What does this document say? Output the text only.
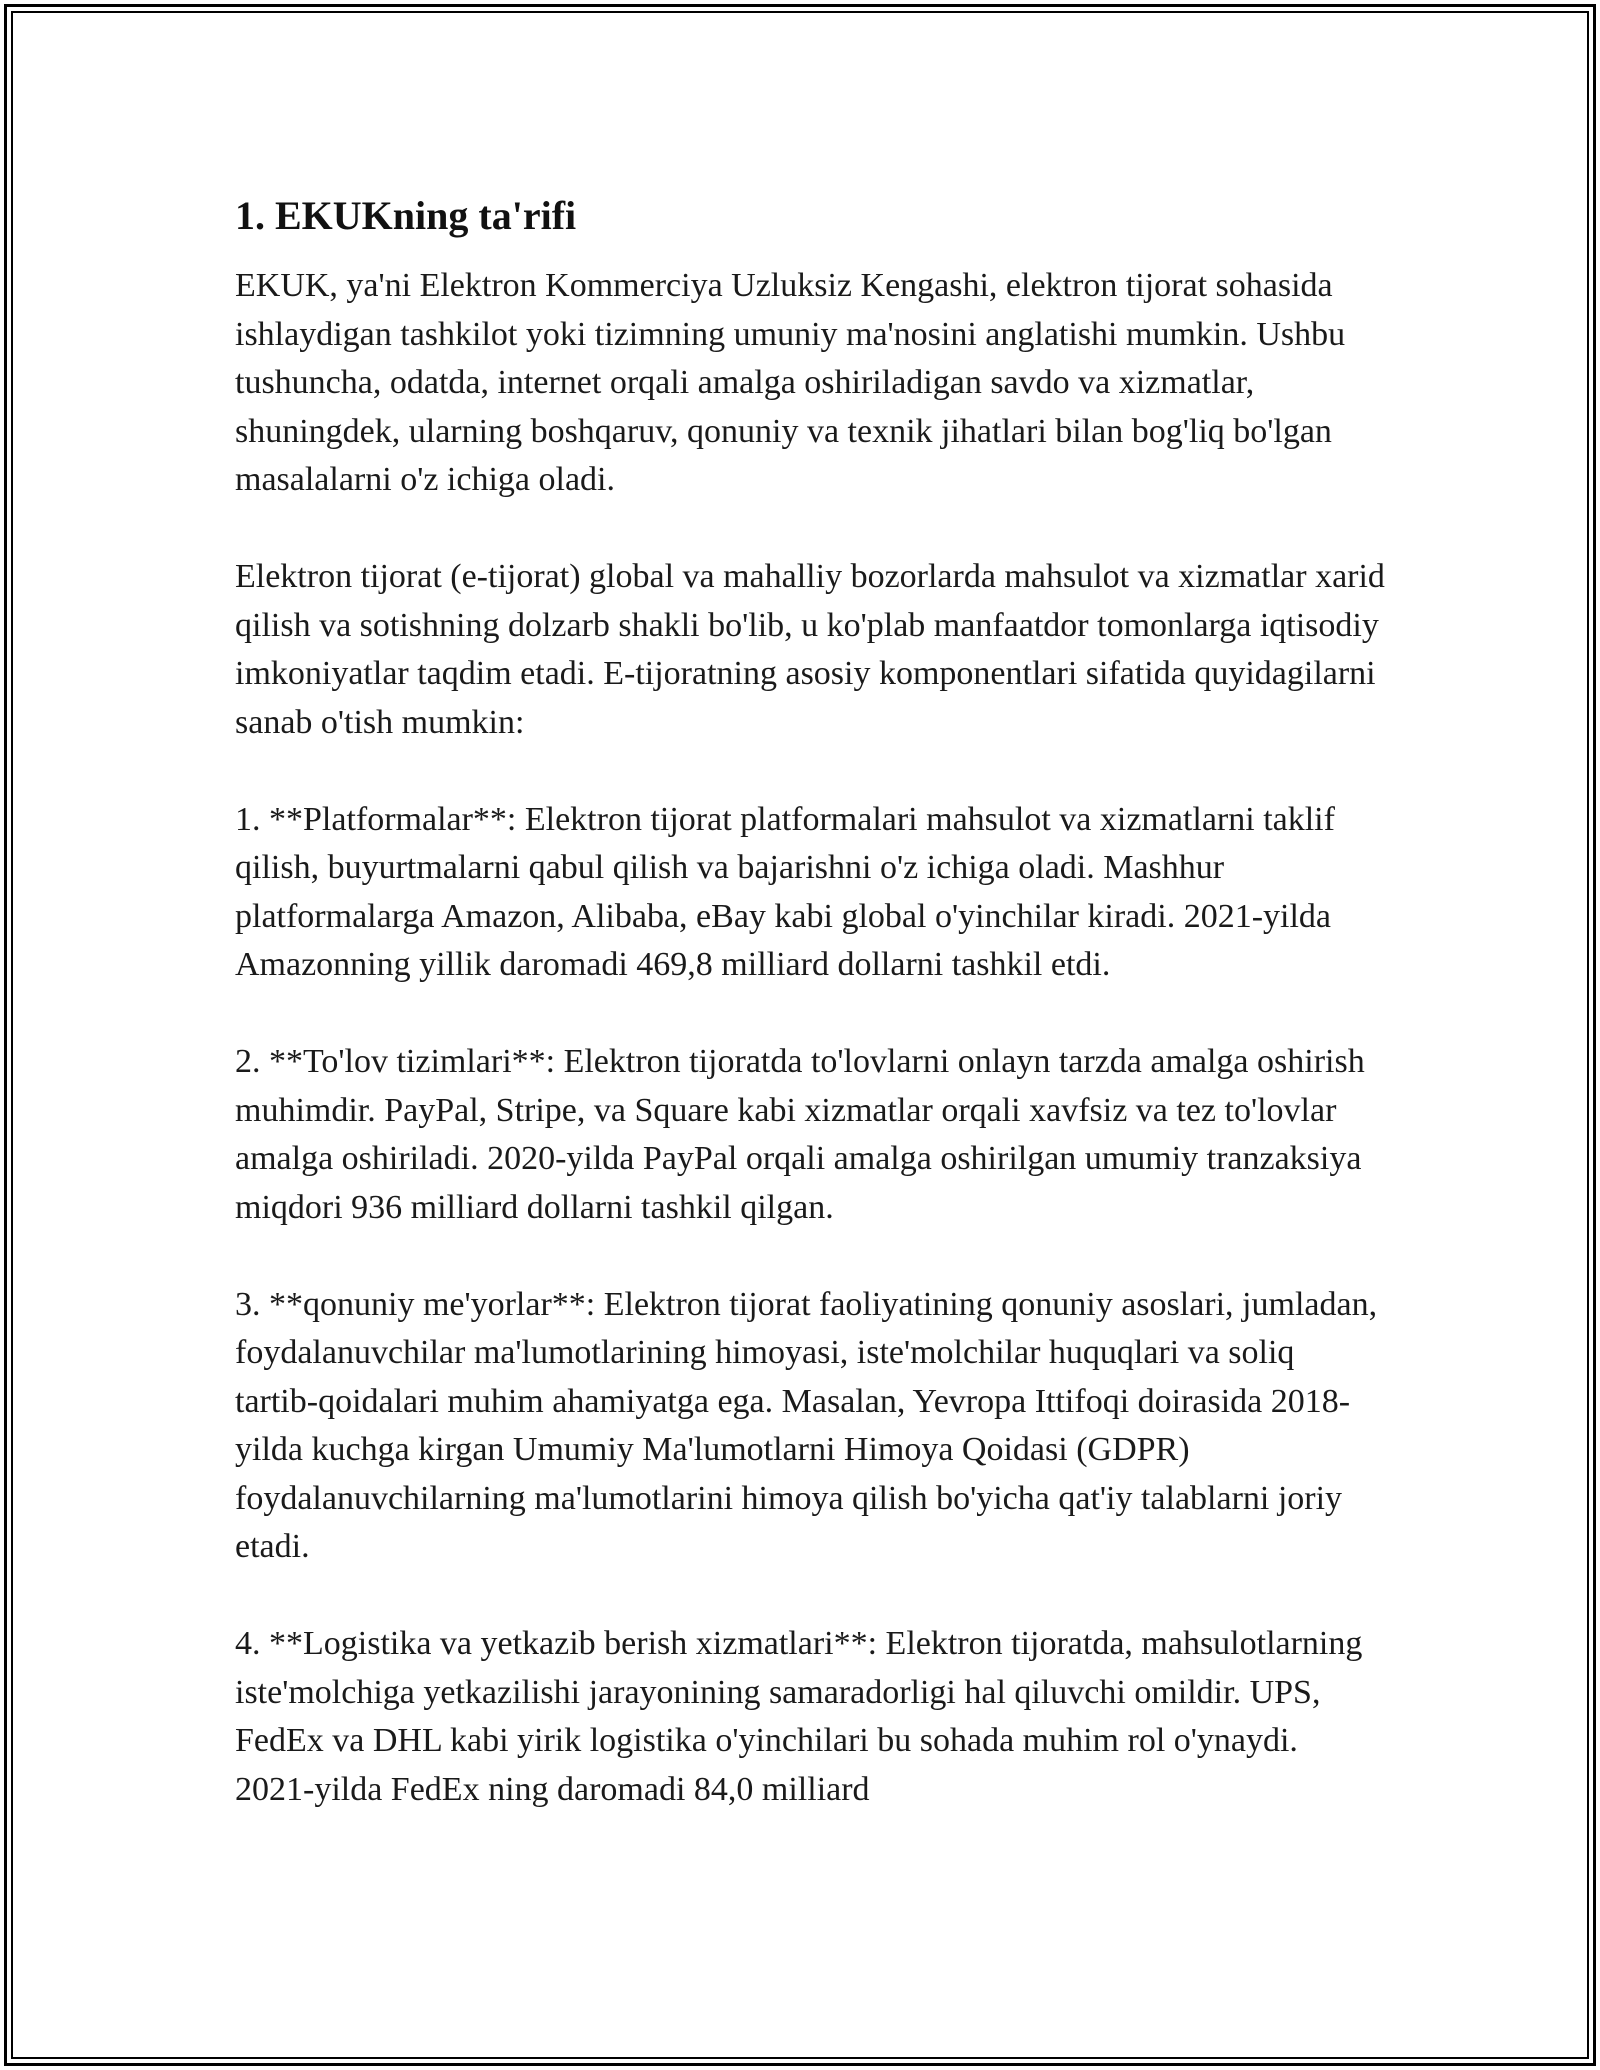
1. EKUKning ta'rifi

EKUK, ya'ni Elektron Kommerciya Uzluksiz Kengashi, elektron tijorat sohasida ishlaydigan tashkilot yoki tizimning umuniy ma'nosini anglatishi mumkin. Ushbu tushuncha, odatda, internet orqali amalga oshiriladigan savdo va xizmatlar, shuningdek, ularning boshqaruv, qonuniy va texnik jihatlari bilan bog'liq bo'lgan masalalarni o'z ichiga oladi.

Elektron tijorat (e-tijorat) global va mahalliy bozorlarda mahsulot va xizmatlar xarid qilish va sotishning dolzarb shakli bo'lib, u ko'plab manfaatdor tomonlarga iqtisodiy imkoniyatlar taqdim etadi. E-tijoratning asosiy komponentlari sifatida quyidagilarni sanab o'tish mumkin:

1. **Platformalar**: Elektron tijorat platformalari mahsulot va xizmatlarni taklif qilish, buyurtmalarni qabul qilish va bajarishni o'z ichiga oladi. Mashhur platformalarga Amazon, Alibaba, eBay kabi global o'yinchilar kiradi. 2021-yilda Amazonning yillik daromadi 469,8 milliard dollarni tashkil etdi.

2. **To'lov tizimlari**: Elektron tijoratda to'lovlarni onlayn tarzda amalga oshirish muhimdir. PayPal, Stripe, va Square kabi xizmatlar orqali xavfsiz va tez to'lovlar amalga oshiriladi. 2020-yilda PayPal orqali amalga oshirilgan umumiy tranzaksiya miqdori 936 milliard dollarni tashkil qilgan.

3. **qonuniy me'yorlar**: Elektron tijorat faoliyatining qonuniy asoslari, jumladan, foydalanuvchilar ma'lumotlarining himoyasi, iste'molchilar huquqlari va soliq tartib-qoidalari muhim ahamiyatga ega. Masalan, Yevropa Ittifoqi doirasida 2018-yilda kuchga kirgan Umumiy Ma'lumotlarni Himoya Qoidasi (GDPR) foydalanuvchilarning ma'lumotlarini himoya qilish bo'yicha qat'iy talablarni joriy etadi.

4. **Logistika va yetkazib berish xizmatlari**: Elektron tijoratda, mahsulotlarning iste'molchiga yetkazilishi jarayonining samaradorligi hal qiluvchi omildir. UPS, FedEx va DHL kabi yirik logistika o'yinchilari bu sohada muhim rol o'ynaydi. 2021-yilda FedEx ning daromadi 84,0 milliard
